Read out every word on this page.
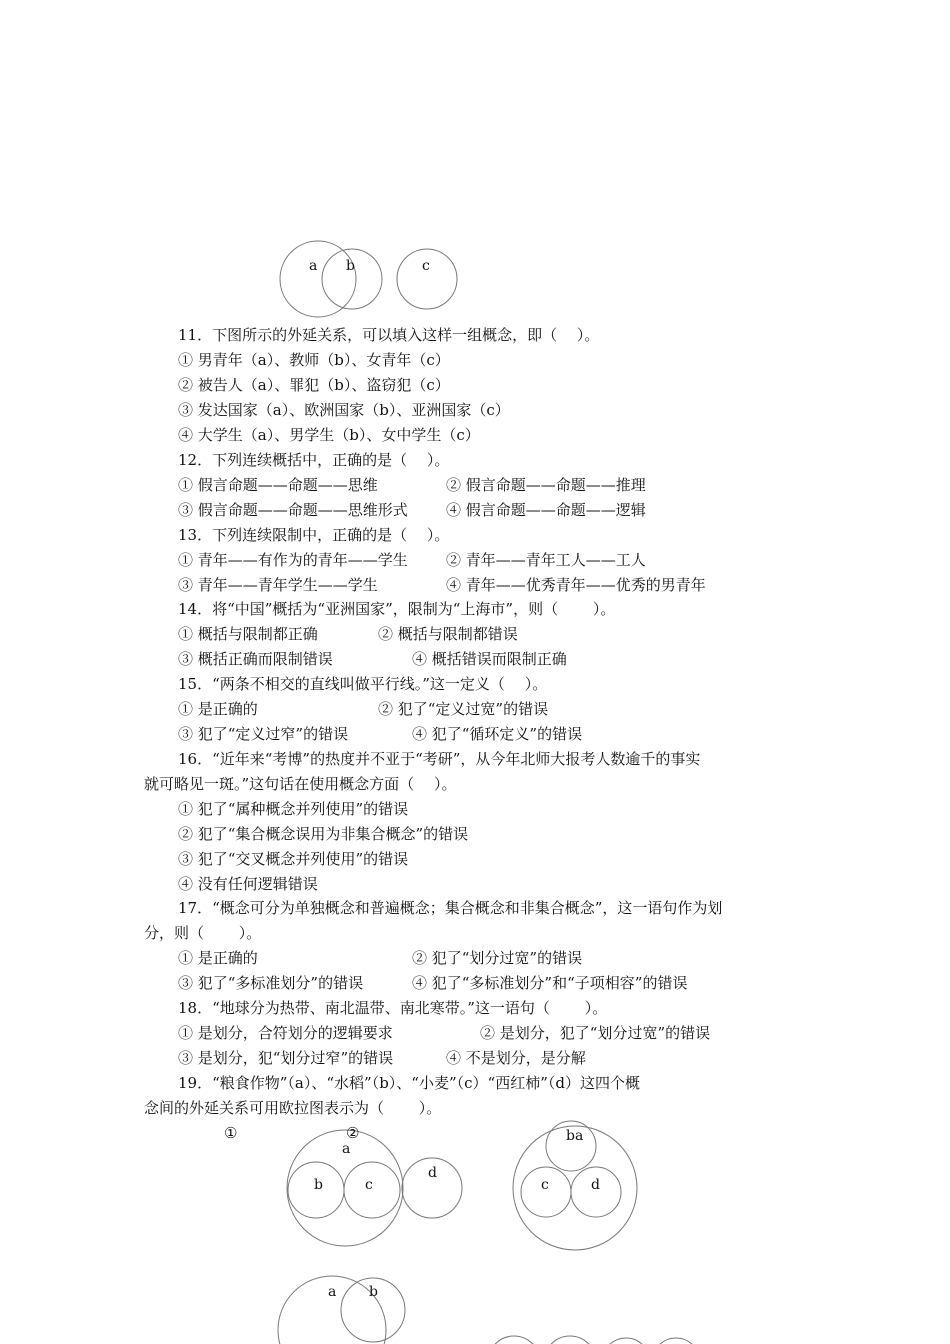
a b	c
a
b	c
d
ba
c	d
a b
11．下图所示的外延关系，可以填入这样一组概念，即（　 ）。
① 男青年（a）、教师（b）、女青年（c）
② 被告人（a）、罪犯（b）、盗窃犯（c）
③ 发达国家（a）、欧洲国家（b）、亚洲国家（c）
④ 大学生（a）、男学生（b）、女中学生（c）
12．下列连续概括中，正确的是（　 ）。
① 假言命题——命题——思维	② 假言命题——命题——推理
③ 假言命题——命题——思维形式	④ 假言命题——命题——逻辑
13．下列连续限制中，正确的是（　 ）。
① 青年——有作为的青年——学生	② 青年——青年工人——工人
③ 青年——青年学生——学生	④ 青年——优秀青年——优秀的男青年
14．将“中国”概括为“亚洲国家”，限制为“上海市”，则（　　 ）。
① 概括与限制都正确	② 概括与限制都错误
③ 概括正确而限制错误	④ 概括错误而限制正确
15．“两条不相交的直线叫做平行线。”这一定义（　 ）。
① 是正确的	② 犯了“定义过宽”的错误
③ 犯了“定义过窄”的错误	④ 犯了“循环定义”的错误
16．“近年来“考博”的热度并不亚于“考研”，从今年北师大报考人数逾千的事实
就可略见一斑。”这句话在使用概念方面（　 ）。
① 犯了“属种概念并列使用”的错误
② 犯了“集合概念误用为非集合概念”的错误
③ 犯了“交叉概念并列使用”的错误
④ 没有任何逻辑错误
17．“概念可分为单独概念和普遍概念；集合概念和非集合概念”，这一语句作为划
分，则（　　 ）。
① 是正确的	② 犯了“划分过宽”的错误
③ 犯了“多标准划分”的错误	④ 犯了“多标准划分”和“子项相容”的错误
18．“地球分为热带、南北温带、南北寒带。”这一语句（　　 ）。
① 是划分，合符划分的逻辑要求	② 是划分，犯了“划分过宽”的错误
③ 是划分，犯“划分过窄”的错误	④ 不是划分，是分解
19．“粮食作物”（a）、“水稻”（b）、“小麦”（c）“西红柿”（d）这四个概
念间的外延关系可用欧拉图表示为（　　 ）。
①	②
